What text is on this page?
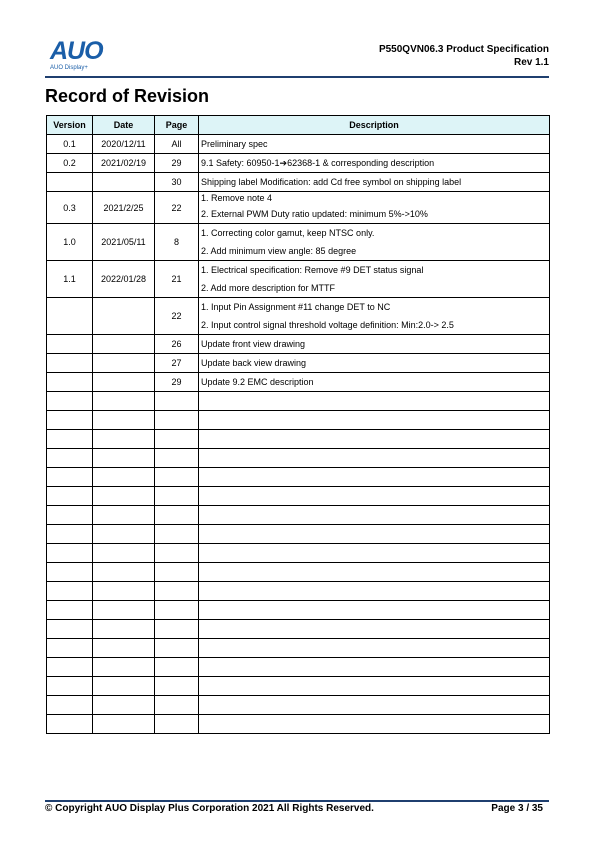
AUO
AUO Display+
P550QVN06.3 Product Specification
Rev 1.1
Record of Revision
Version	Date	Page	Description
0.1	2020/12/11	All	Preliminary spec

0.2	2021/02/19	29	9.1 Safety: 60950-1➔62368-1 & corresponding description

		30	Shipping label Modification: add Cd free symbol on shipping label

0.3	2021/2/25	22	1. Remove note 4
2. External PWM Duty ratio updated: minimum 5%->10%

1.0	2021/05/11	8	1. Correcting color gamut, keep NTSC only.
2. Add minimum view angle: 85 degree

1.1	2022/01/28	21	1. Electrical specification: Remove #9 DET status signal
2. Add more description for MTTF

		22	1. Input Pin Assignment #11 change DET to NC
2. Input control signal threshold voltage definition: Min:2.0-> 2.5

		26	Update front view drawing

		27	Update back view drawing

		29	Update 9.2 EMC description

© Copyright AUO Display Plus Corporation 2021 All Rights Reserved.	Page 3 / 35
